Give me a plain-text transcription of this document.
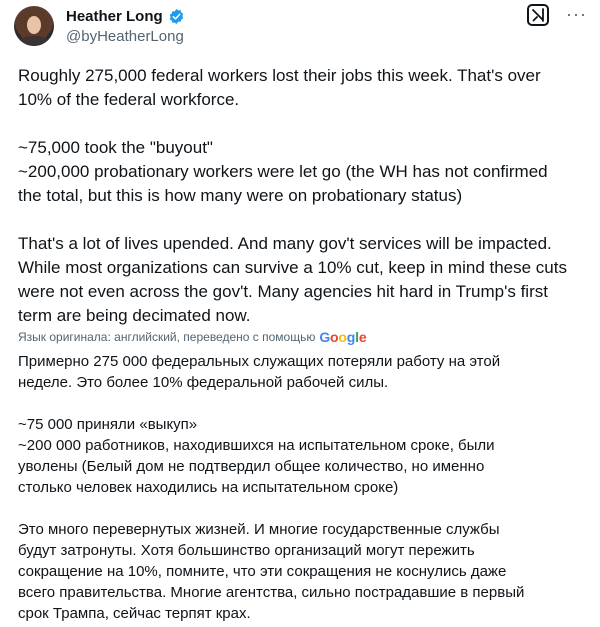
Heather Long
@byHeatherLong
···
Roughly 275,000 federal workers lost their jobs this week. That's over
10% of the federal workforce.
~75,000 took the "buyout"
~200,000 probationary workers were let go (the WH has not confirmed
the total, but this is how many were on probationary status)
That's a lot of lives upended. And many gov't services will be impacted.
While most organizations can survive a 10% cut, keep in mind these cuts
were not even across the gov't. Many agencies hit hard in Trump's first
term are being decimated now.
Язык оригинала: английский, переведено с помощью Google
Примерно 275 000 федеральных служащих потеряли работу на этой
неделе. Это более 10% федеральной рабочей силы.
~75 000 приняли «выкуп»
~200 000 работников, находившихся на испытательном сроке, были
уволены (Белый дом не подтвердил общее количество, но именно
столько человек находились на испытательном сроке)
Это много перевернутых жизней. И многие государственные службы
будут затронуты. Хотя большинство организаций могут пережить
сокращение на 10%, помните, что эти сокращения не коснулись даже
всего правительства. Многие агентства, сильно пострадавшие в первый
срок Трампа, сейчас терпят крах.
